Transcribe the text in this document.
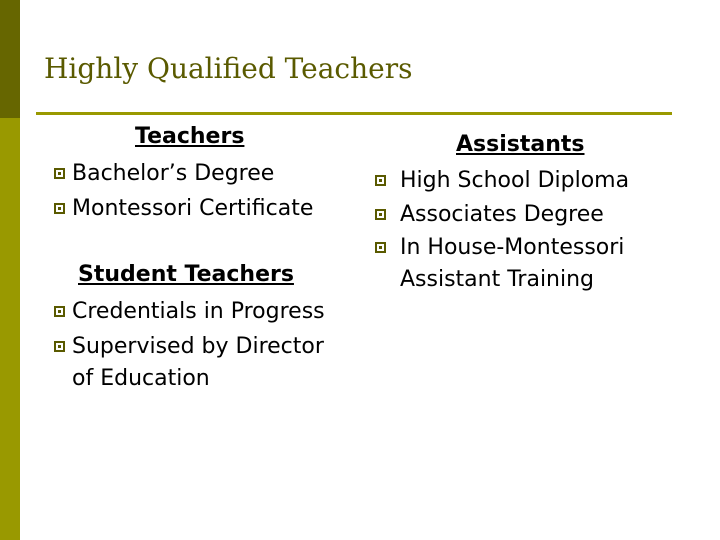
Highly Qualified Teachers
Teachers
Bachelor’s Degree
Montessori Certificate
Student Teachers
Credentials in Progress
Supervised by Director of Education
Assistants
High School Diploma
Associates Degree
In House-Montessori Assistant Training
